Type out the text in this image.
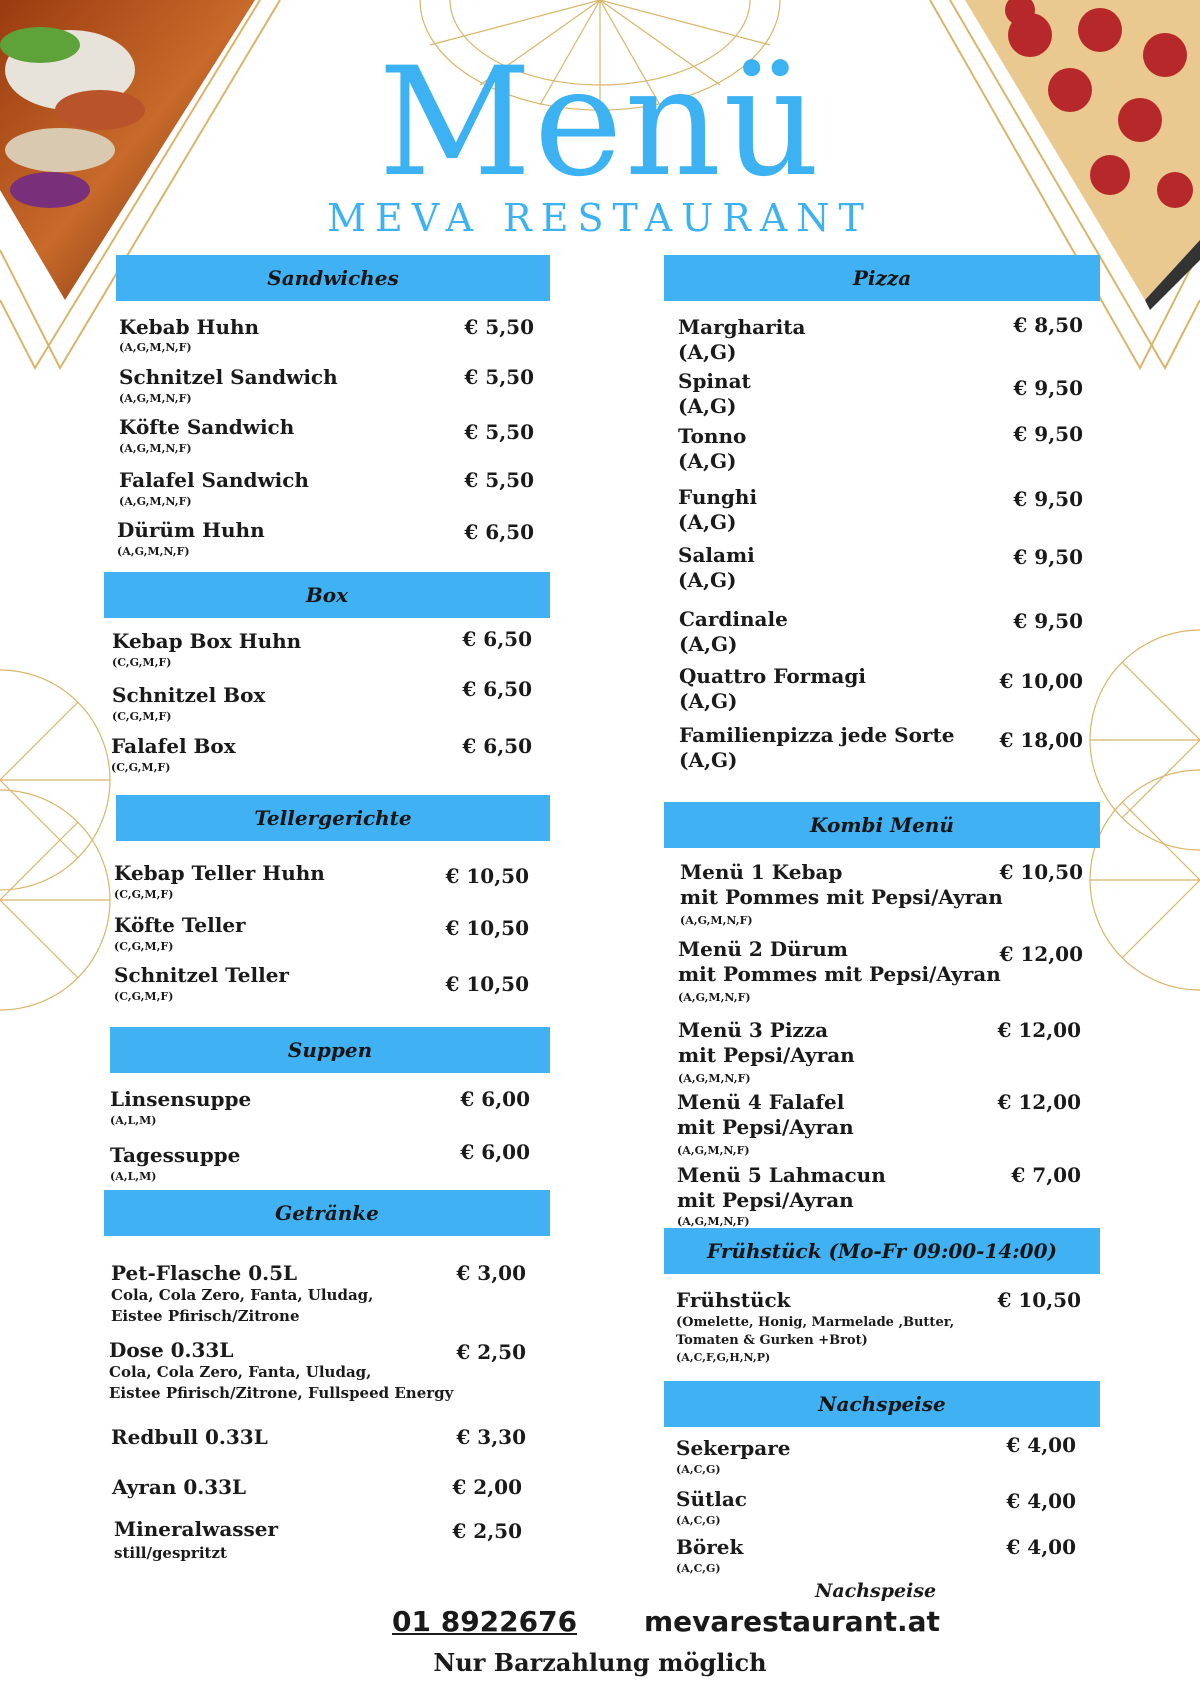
Menü
MEVA RESTAURANT
Sandwiches
Kebab Huhn
(A,G,M,N,F)
€ 5,50
Schnitzel Sandwich
(A,G,M,N,F)
€ 5,50
Köfte Sandwich
(A,G,M,N,F)
€ 5,50
Falafel Sandwich
(A,G,M,N,F)
€ 5,50
Dürüm Huhn
(A,G,M,N,F)
€ 6,50
Box
Kebap Box Huhn
(C,G,M,F)
€ 6,50
Schnitzel Box
(C,G,M,F)
€ 6,50
Falafel Box
(C,G,M,F)
€ 6,50
Tellergerichte
Kebap Teller Huhn
(C,G,M,F)
€ 10,50
Köfte Teller
(C,G,M,F)
€ 10,50
Schnitzel Teller
(C,G,M,F)
€ 10,50
Suppen
Linsensuppe
(A,L,M)
€ 6,00
Tagessuppe
(A,L,M)
€ 6,00
Getränke
Pet-Flasche 0.5L
Cola, Cola Zero, Fanta, Uludag,
Eistee Pfirisch/Zitrone
€ 3,00
Dose 0.33L
Cola, Cola Zero, Fanta, Uludag,
Eistee Pfirisch/Zitrone, Fullspeed Energy
€ 2,50
Redbull 0.33L	€ 3,30
Ayran 0.33L	€ 2,00
Mineralwasser
still/gespritzt
€ 2,50
Pizza
Margharita
(A,G)
€ 8,50
Spinat
(A,G)
€ 9,50
Tonno
(A,G)
€ 9,50
Funghi
(A,G)
€ 9,50
Salami
(A,G)
€ 9,50
Cardinale
(A,G)
€ 9,50
Quattro Formagi
(A,G)
€ 10,00
Familienpizza jede Sorte
(A,G)
€ 18,00
Kombi Menü
Menü 1 Kebap
mit Pommes mit Pepsi/Ayran
(A,G,M,N,F)
€ 10,50
Menü 2 Dürum
mit Pommes mit Pepsi/Ayran
(A,G,M,N,F)
€ 12,00
Menü 3 Pizza
mit Pepsi/Ayran
(A,G,M,N,F)
€ 12,00
Menü 4 Falafel
mit Pepsi/Ayran
(A,G,M,N,F)
€ 12,00
Menü 5 Lahmacun
mit Pepsi/Ayran
(A,G,M,N,F)
€ 7,00
Frühstück (Mo-Fr 09:00-14:00)
Frühstück
(Omelette, Honig, Marmelade ,Butter,
Tomaten & Gurken +Brot)
(A,C,F,G,H,N,P)
€ 10,50
Nachspeise
Sekerpare
(A,C,G)
€ 4,00
Sütlac
(A,C,G)
€ 4,00
Börek
(A,C,G)
€ 4,00
Nachspeise
01 8922676 mevarestaurant.at
Nur Barzahlung möglich
